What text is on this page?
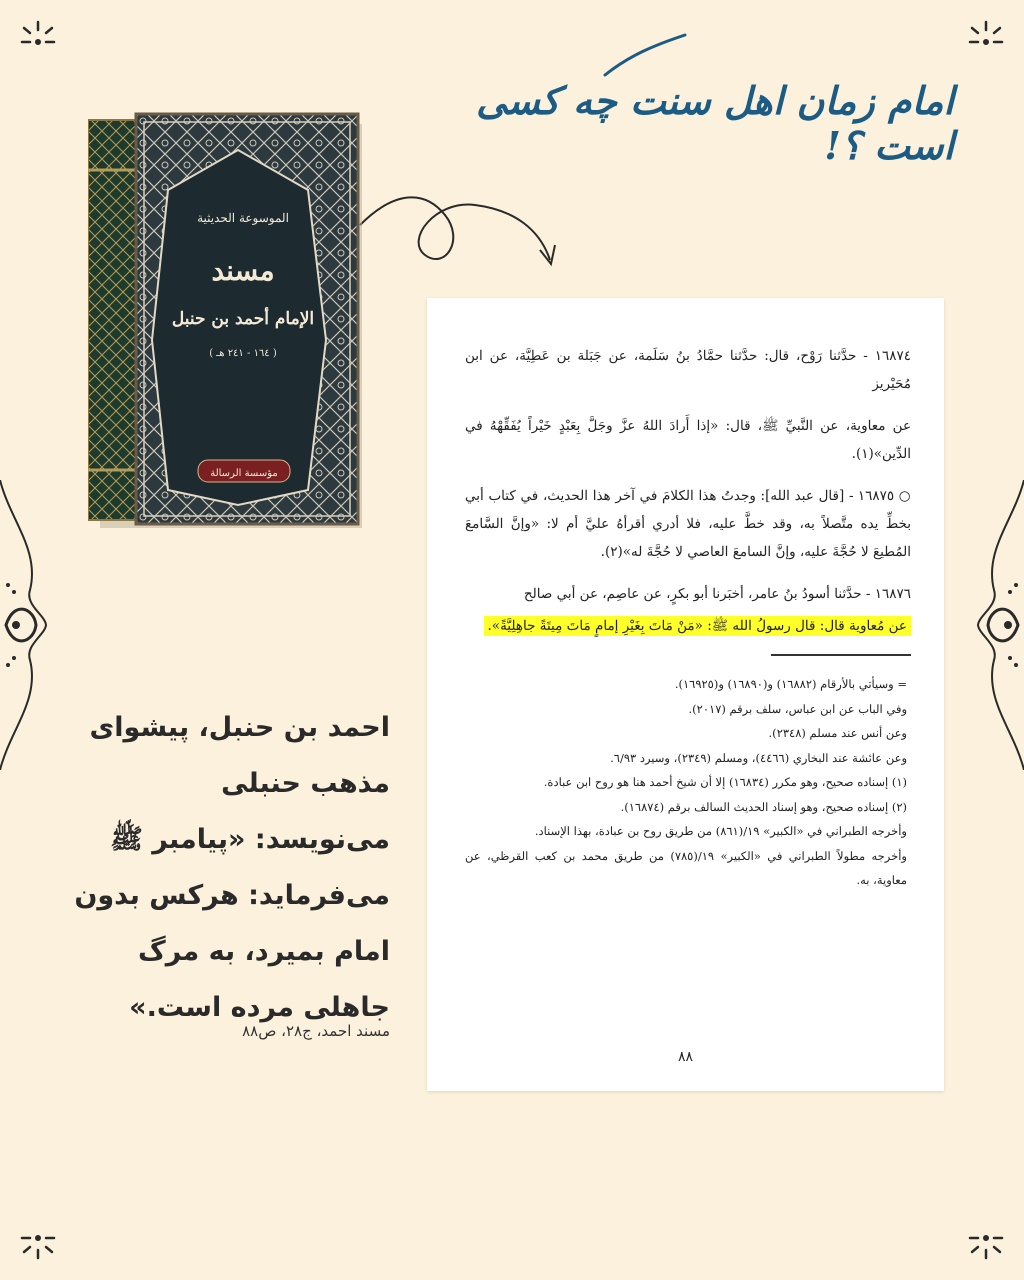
امام زمان اهل سنت چه کسی است ؟!
الموسوعة الحديثية
مسند
الإمام أحمد بن حنبل
( ١٦٤ - ٢٤١ هـ )
مؤسسة الرسالة

١٦٨٧٤ - حدَّثنا رَوْح، قال: حدَّثنا حمَّادُ بنُ سَلَمة، عن جَبَلة بن عَطِيَّة، عن ابن مُحَيْريز

عن معاوية، عن النَّبيِّ ﷺ، قال: «إذا أَرادَ اللهُ عزَّ وجَلَّ بِعَبْدٍ خَيْراً يُفَقِّهْهُ في الدِّين»(١).

○ ١٦٨٧٥ - [قال عبد الله]: وجدتُ هذا الكلامَ في آخر هذا الحديث، في كتاب أبي بخطِّ يده متَّصلاً به، وقد خطَّ عليه، فلا أدري أقرأهُ عليَّ أم لا: «وإنَّ السَّامعَ المُطيعَ لا حُجَّةَ عليه، وإنَّ السامعَ العاصي لا حُجَّةَ له»(٢).

١٦٨٧٦ - حدَّثنا أسودُ بنُ عامر، أخبَرنا أبو بكرٍ، عن عاصِم، عن أبي صالح

عن مُعاوية قال: قال رسولُ الله ﷺ: «مَنْ مَاتَ بِغَيْرِ إمامٍ مَاتَ مِيتَةً جاهِلِيَّةً».

= وسيأتي بالأرقام (١٦٨٨٢) و(١٦٨٩٠) و(١٦٩٢٥).

وفي الباب عن ابن عباس، سلف برقم (٢٠١٧).

وعن أنس عند مسلم (٢٣٤٨).

وعن عائشة عند البخاري (٤٤٦٦)، ومسلم (٢٣٤٩)، وسيرد ٦/٩٣.

(١) إسناده صحيح، وهو مكرر (١٦٨٣٤) إلا أن شيخ أحمد هنا هو روح ابن عبادة.

(٢) إسناده صحيح، وهو إسناد الحديث السالف برقم (١٦٨٧٤).

وأخرجه الطبراني في «الكبير» ١٩/(٨٦١) من طريق روح بن عبادة، بهذا الإسناد.

وأخرجه مطولاً الطبراني في «الكبير» ١٩/(٧٨٥) من طريق محمد بن كعب القرظي، عن معاوية، به.

٨٨
احمد بن حنبل، پیشوای
مذهب حنبلی
می‌نویسد: «پیامبر ﷺ
می‌فرماید: هرکس بدون
امام بمیرد، به مرگ
جاهلی مرده است.»
مسند احمد، ج۲۸، ص۸۸
